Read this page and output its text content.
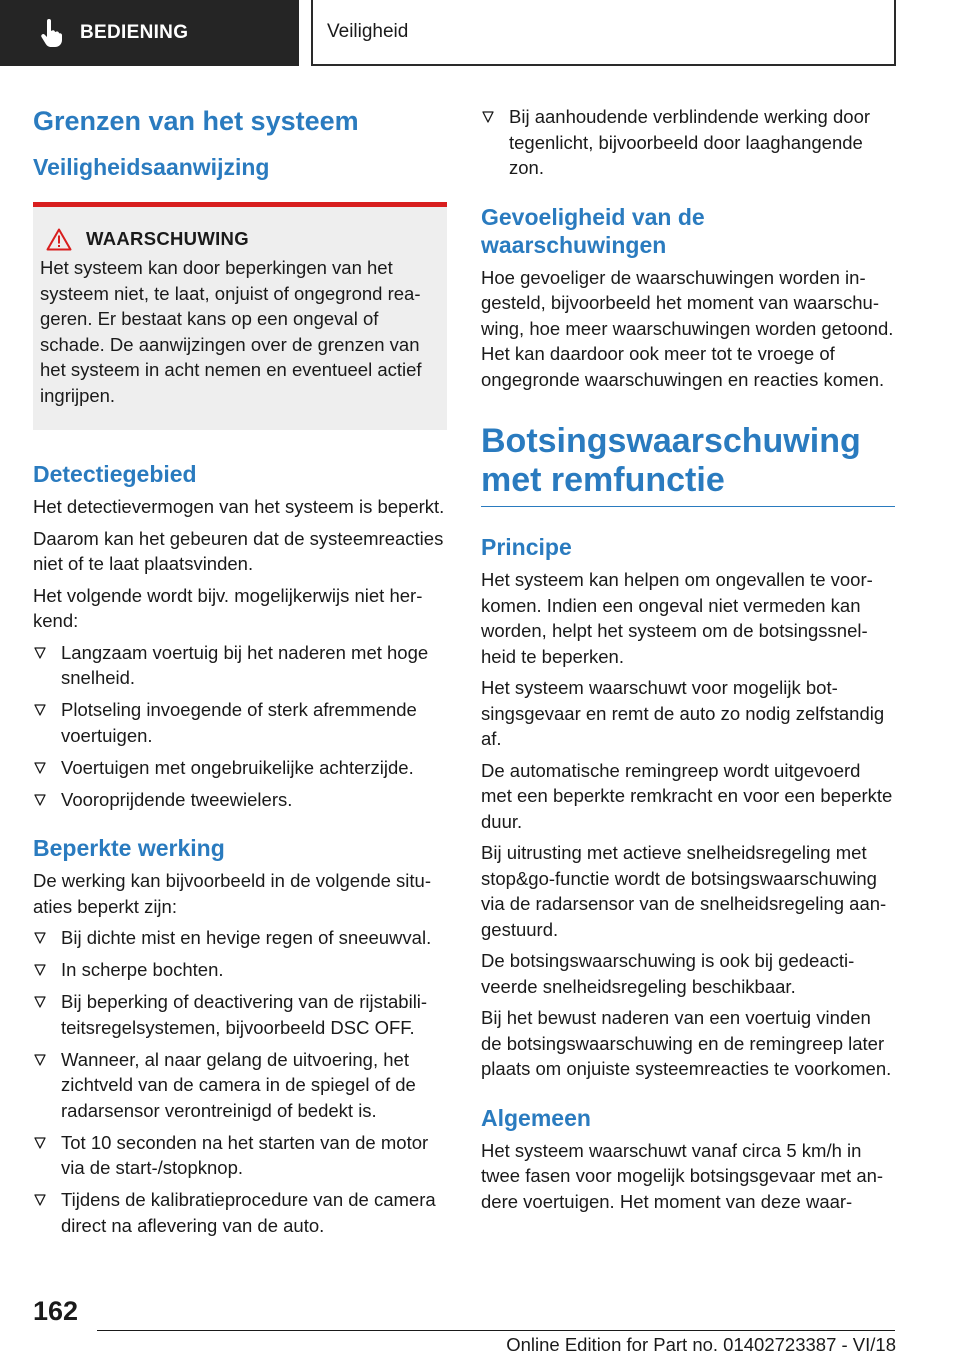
BEDIENING	Veiligheid
Grenzen van het systeem
Veiligheidsaanwijzing
WAARSCHUWING

Het systeem kan door beperkingen van het systeem niet, te laat, onjuist of ongegrond reageren. Er bestaat kans op een ongeval of schade. De aanwijzingen over de grenzen van het systeem in acht nemen en eventueel actief ingrijpen.

Detectiegebied

Het detectievermogen van het systeem is beperkt.

Daarom kan het gebeuren dat de systeemreacties niet of te laat plaatsvinden.

Het volgende wordt bijv. mogelijkerwijs niet herkend:

Langzaam voertuig bij het naderen met hoge snelheid.
Plotseling invoegende of sterk afremmende voertuigen.
Voertuigen met ongebruikelijke achterzijde.
Vooroprijdende tweewielers.
Beperkte werking

De werking kan bijvoorbeeld in de volgende situaties beperkt zijn:

Bij dichte mist en hevige regen of sneeuwval.
In scherpe bochten.
Bij beperking of deactivering van de rijstabiliteitsregelsystemen, bijvoorbeeld DSC OFF.
Wanneer, al naar gelang de uitvoering, het zichtveld van de camera in de spiegel of de radarsensor verontreinigd of bedekt is.
Tot 10 seconden na het starten van de motor via de start-/stopknop.
Tijdens de kalibratieprocedure van de camera direct na aflevering van de auto.
Bij aanhoudende verblindende werking door tegenlicht, bijvoorbeeld door laaghangende zon.
Gevoeligheid van de waarschuwingen

Hoe gevoeliger de waarschuwingen worden ingesteld, bijvoorbeeld het moment van waarschuwing, hoe meer waarschuwingen worden getoond. Het kan daardoor ook meer tot te vroege of ongegronde waarschuwingen en reacties komen.

Botsingswaarschuwing met remfunctie
Principe

Het systeem kan helpen om ongevallen te voorkomen. Indien een ongeval niet vermeden kan worden, helpt het systeem om de botsingssnelheid te beperken.

Het systeem waarschuwt voor mogelijk botsingsgevaar en remt de auto zo nodig zelfstandig af.

De automatische remingreep wordt uitgevoerd met een beperkte remkracht en voor een beperkte duur.

Bij uitrusting met actieve snelheidsregeling met stop&go-functie wordt de botsingswaarschuwing via de radarsensor van de snelheidsregeling aangestuurd.

De botsingswaarschuwing is ook bij gedeactiveerde snelheidsregeling beschikbaar.

Bij het bewust naderen van een voertuig vinden de botsingswaarschuwing en de remingreep later plaats om onjuiste systeemreacties te voorkomen.

Algemeen

Het systeem waarschuwt vanaf circa 5 km/h in twee fasen voor mogelijk botsingsgevaar met andere voertuigen. Het moment van deze waar-

162
Online Edition for Part no. 01402723387 - VI/18
